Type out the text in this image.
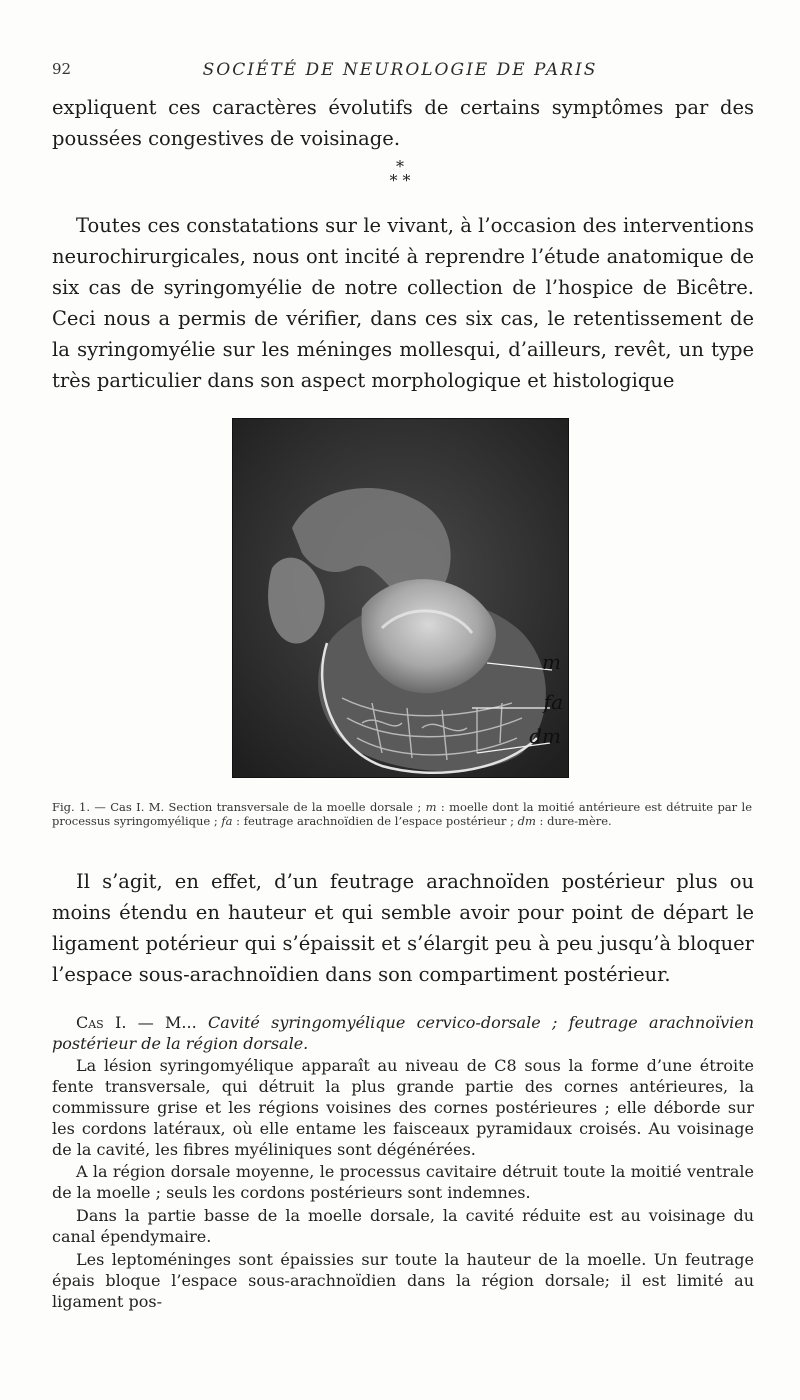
92	SOCIÉTÉ DE NEUROLOGIE DE PARIS

expliquent ces caractères évolutifs de certains symptômes par des poussées congestives de voisinage.

*
* *

Toutes ces constatations sur le vivant, à l’occasion des interventions neurochirurgicales, nous ont incité à reprendre l’étude anatomique de six cas de syringomyélie de notre collection de l’hospice de Bicêtre. Ceci nous a permis de vérifier, dans ces six cas, le retentissement de la syringomyélie sur les méninges mollesqui, d’ailleurs, revêt, un type très particulier dans son aspect morphologique et histologique

m
fa
dm

Fig. 1. — Cas I. M. Section transversale de la moelle dorsale ; m : moelle dont la moitié antérieure est détruite par le processus syringomyélique ; fa : feutrage arachnoïdien de l’espace postérieur ; dm : dure-mère.

Il s’agit, en effet, d’un feutrage arachnoïden postérieur plus ou moins étendu en hauteur et qui semble avoir pour point de départ le ligament potérieur qui s’épaissit et s’élargit peu à peu jusqu’à bloquer l’espace sous-arachnoïdien dans son compartiment postérieur.

Cas I. — M... Cavité syringomyélique cervico-dorsale ; feutrage arachnoïvien postérieur de la région dorsale.

La lésion syringomyélique apparaît au niveau de C8 sous la forme d’une étroite fente transversale, qui détruit la plus grande partie des cornes antérieures, la commissure grise et les régions voisines des cornes postérieures ; elle déborde sur les cordons latéraux, où elle entame les faisceaux pyramidaux croisés. Au voisinage de la cavité, les fibres myéliniques sont dégénérées.

A la région dorsale moyenne, le processus cavitaire détruit toute la moitié ventrale de la moelle ; seuls les cordons postérieurs sont indemnes.

Dans la partie basse de la moelle dorsale, la cavité réduite est au voisinage du canal épendymaire.

Les leptoméninges sont épaissies sur toute la hauteur de la moelle. Un feutrage épais bloque l’espace sous-arachnoïdien dans la région dorsale; il est limité au ligament pos-
